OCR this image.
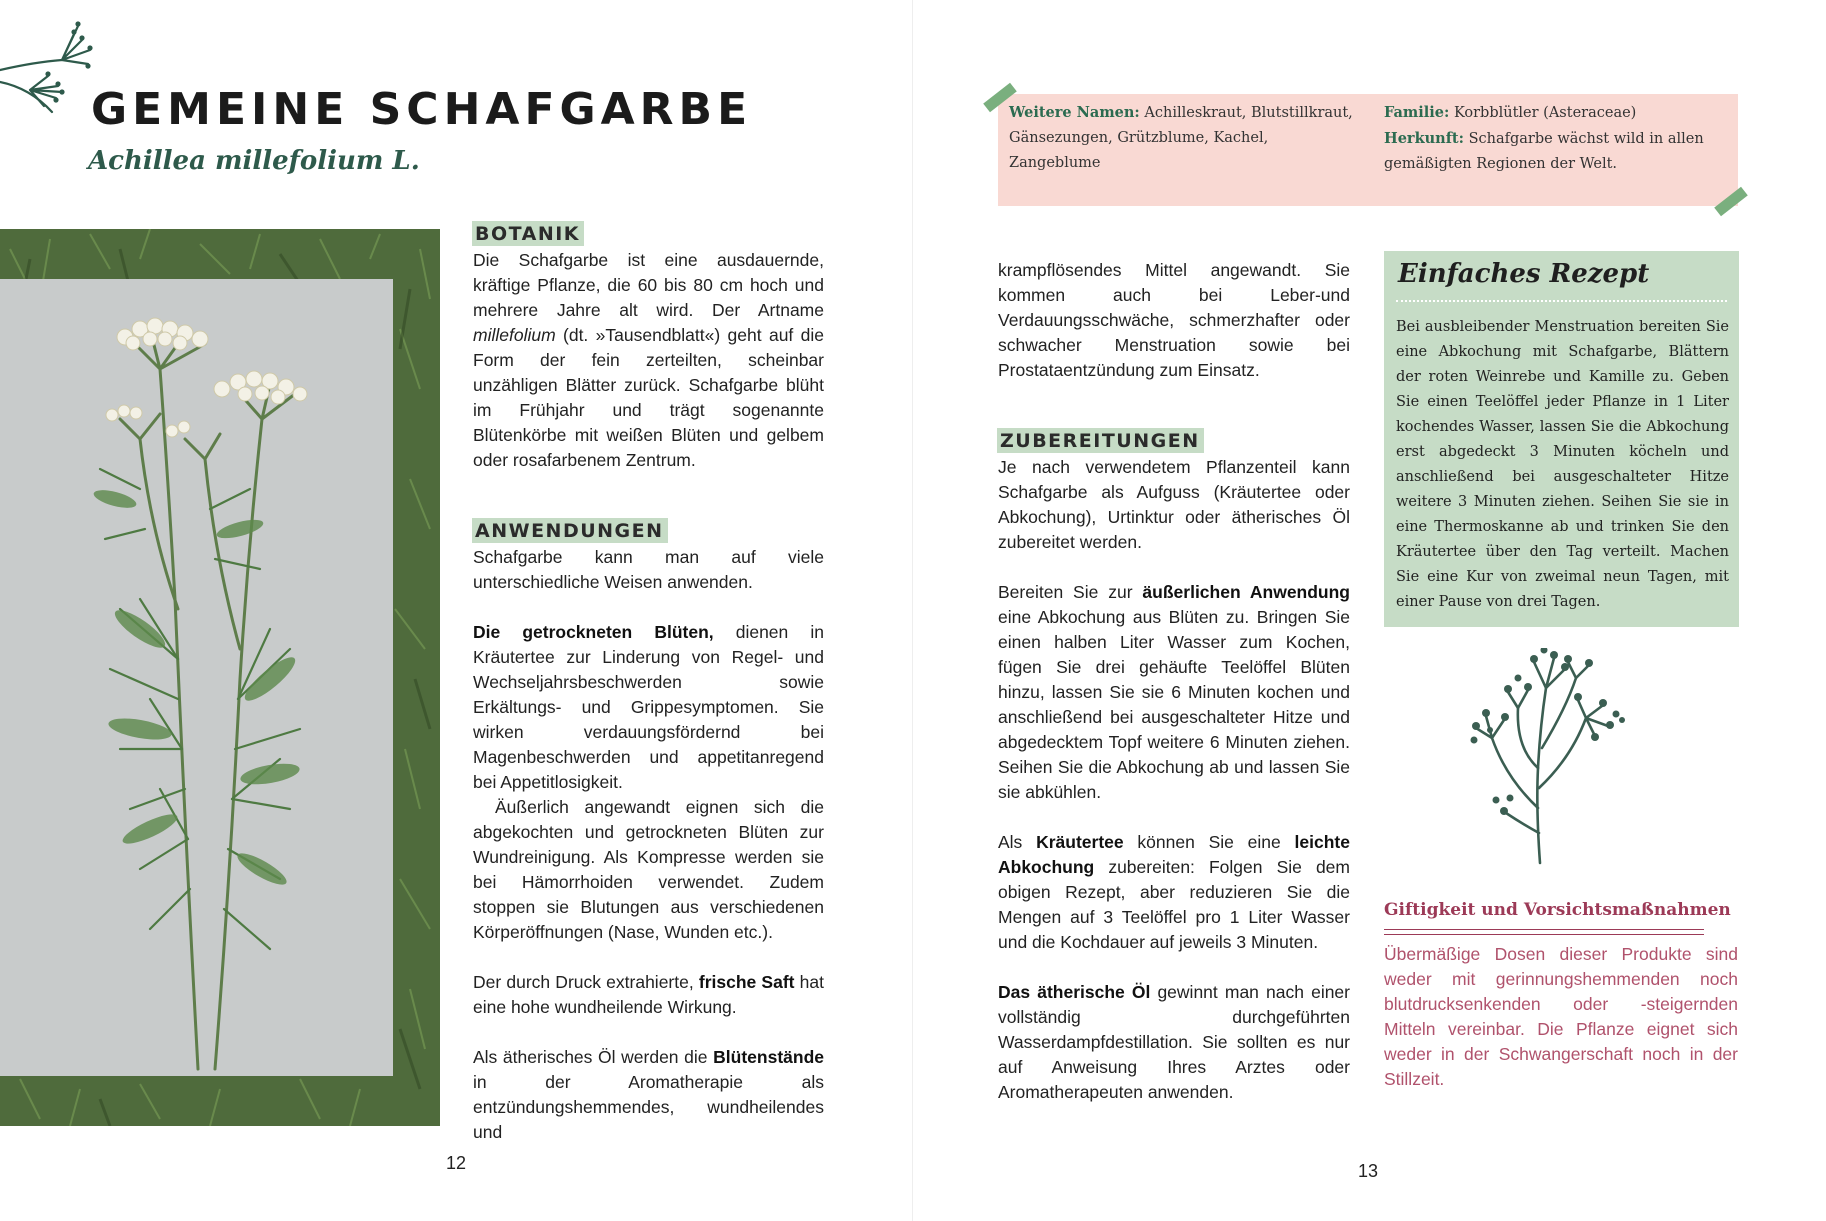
GEMEINE SCHAFGARBE
Achillea millefolium L.
BOTANIK

Die Schafgarbe ist eine ausdauernde, kräftige Pflanze, die 60 bis 80 cm hoch und mehrere Jahre alt wird. Der Artname millefolium (dt. »Tausendblatt«) geht auf die Form der fein zerteilten, scheinbar unzähligen Blätter zurück. Schafgarbe blüht im Frühjahr und trägt sogenannte Blütenkörbe mit weißen Blüten und gelbem oder rosafarbenem Zentrum.

ANWENDUNGEN

Schafgarbe kann man auf viele unterschiedliche Weisen anwenden.

Die getrockneten Blüten, dienen in Kräutertee zur Linderung von Regel- und Wechseljahrsbeschwerden sowie Erkältungs- und Grippesymptomen. Sie wirken verdauungsfördernd bei Magenbeschwerden und appetitanregend bei Appetitlosigkeit.

Äußerlich angewandt eignen sich die abgekochten und getrockneten Blüten zur Wundreinigung. Als Kompresse werden sie bei Hämorrhoiden verwendet. Zudem stoppen sie Blutungen aus verschiedenen Körperöffnungen (Nase, Wunden etc.).

Der durch Druck extrahierte, frische Saft hat eine hohe wundheilende Wirkung.

Als ätherisches Öl werden die Blütenstände in der Aromatherapie als entzündungshemmendes, wundheilendes und

12
Weitere Namen: Achilleskraut, Blutstillkraut, Gänsezungen, Grützblume, Kachel, Zangeblume
Familie: Korbblütler (Asteraceae)
Herkunft: Schafgarbe wächst wild in allen gemäßigten Regionen der Welt.
krampflösendes Mittel angewandt. Sie kommen auch bei Leber-und Verdauungsschwäche, schmerzhafter oder schwacher Menstruation sowie bei Prostataentzündung zum Einsatz.
ZUBEREITUNGEN

Je nach verwendetem Pflanzenteil kann Schafgarbe als Aufguss (Kräutertee oder Abkochung), Urtinktur oder ätherisches Öl zubereitet werden.

Bereiten Sie zur äußerlichen Anwendung eine Abkochung aus Blüten zu. Bringen Sie einen halben Liter Wasser zum Kochen, fügen Sie drei gehäufte Teelöffel Blüten hinzu, lassen Sie sie 6 Minuten kochen und anschließend bei ausgeschalteter Hitze und abgedecktem Topf weitere 6 Minuten ziehen. Seihen Sie die Abkochung ab und lassen Sie sie abkühlen.

Als Kräutertee können Sie eine leichte Abkochung zubereiten: Folgen Sie dem obigen Rezept, aber reduzieren Sie die Mengen auf 3 Teelöffel pro 1 Liter Wasser und die Kochdauer auf jeweils 3 Minuten.

Das ätherische Öl gewinnt man nach einer vollständig durchgeführten Wasserdampfdestillation. Sie sollten es nur auf Anweisung Ihres Arztes oder Aromatherapeuten anwenden.

Einfaches Rezept
Bei ausbleibender Menstruation bereiten Sie eine Abkochung mit Schafgarbe, Blättern der roten Weinrebe und Kamille zu. Geben Sie einen Teelöffel jeder Pflanze in 1 Liter kochendes Wasser, lassen Sie die Abkochung erst abgedeckt 3 Minuten köcheln und anschließend bei ausgeschalteter Hitze weitere 3 Minuten ziehen. Seihen Sie sie in eine Thermoskanne ab und trinken Sie den Kräutertee über den Tag verteilt. Machen Sie eine Kur von zweimal neun Tagen, mit einer Pause von drei Tagen.
Giftigkeit und Vorsichtsmaßnahmen
Übermäßige Dosen dieser Produkte sind weder mit gerinnungshemmenden noch blutdrucksenkenden oder -steigernden Mitteln vereinbar. Die Pflanze eignet sich weder in der Schwangerschaft noch in der Stillzeit.
13
